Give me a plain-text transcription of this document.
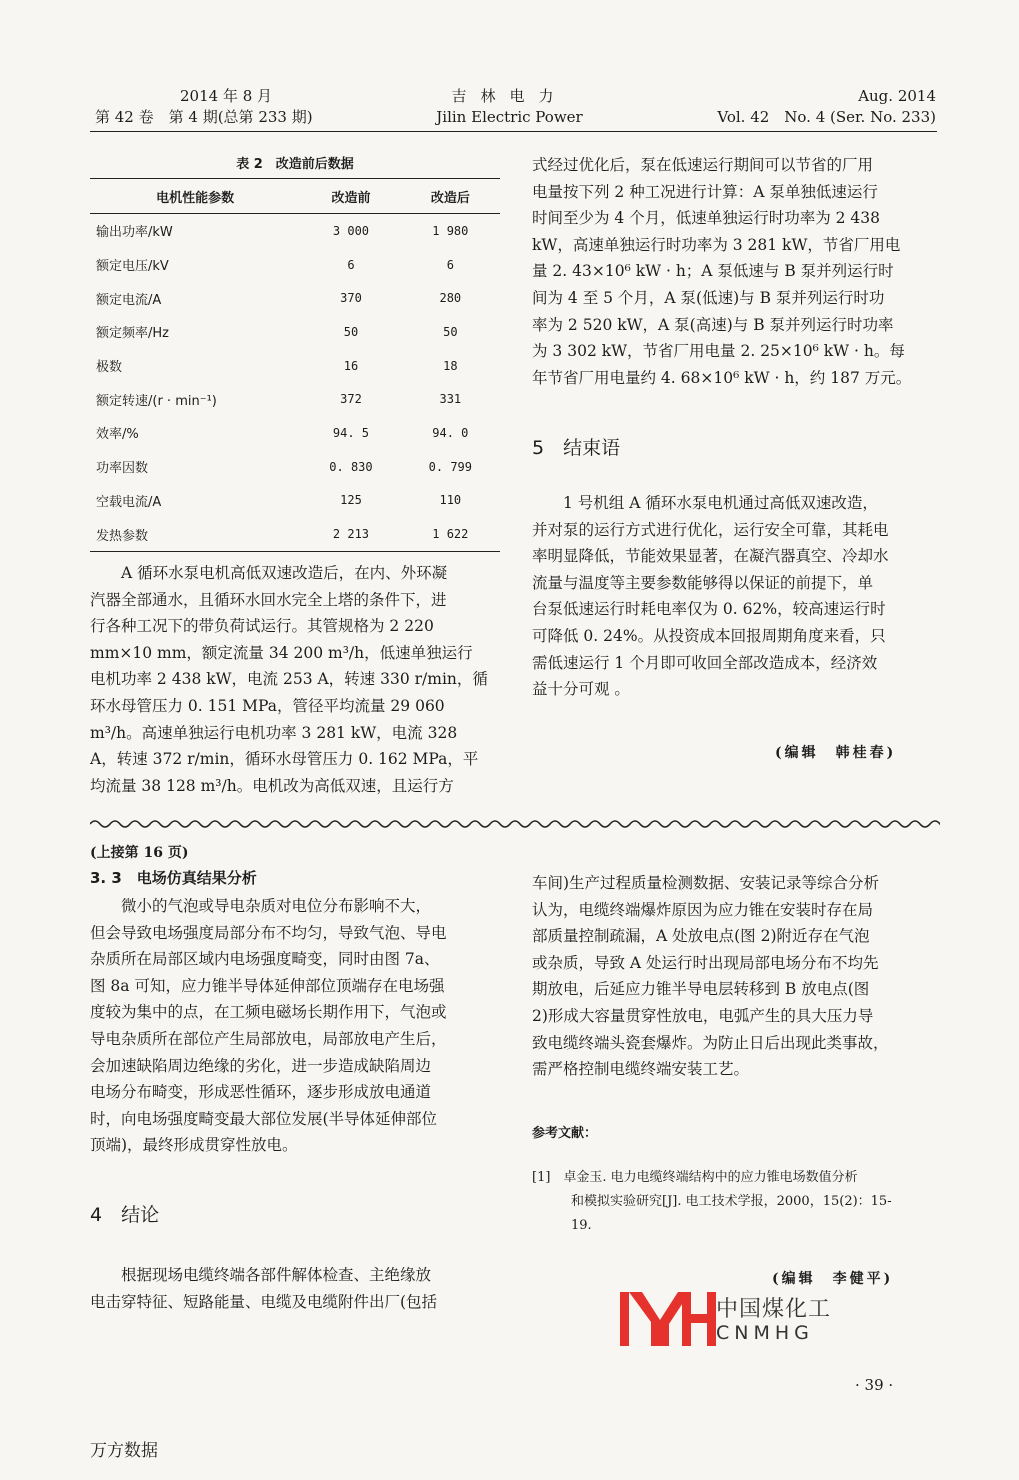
2014 年 8 月
第 42 卷　第 4 期(总第 233 期)
吉林电力
Jilin Electric Power
Aug. 2014
Vol. 42　No. 4 (Ser. No. 233)
表 2　改造前后数据
电机性能参数	改造前	改造后
输出功率/kW	3 000	1 980
额定电压/kV	6	6
额定电流/A	370	280
额定频率/Hz	50	50
极数	16	18
额定转速/(r · min⁻¹)	372	331
效率/%	94. 5	94. 0
功率因数	0. 830	0. 799
空载电流/A	125	110
发热参数	2 213	1 622
　　A 循环水泵电机高低双速改造后，在内、外环凝
汽器全部通水，且循环水回水完全上塔的条件下，进
行各种工况下的带负荷试运行。其管规格为 2 220
mm×10 mm，额定流量 34 200 m³/h，低速单独运行
电机功率 2 438 kW，电流 253 A，转速 330 r/min，循
环水母管压力 0. 151 MPa，管径平均流量 29 060
m³/h。高速单独运行电机功率 3 281 kW，电流 328
A，转速 372 r/min，循环水母管压力 0. 162 MPa，平
均流量 38 128 m³/h。电机改为高低双速，且运行方
式经过优化后，泵在低速运行期间可以节省的厂用
电量按下列 2 种工况进行计算：A 泵单独低速运行
时间至少为 4 个月，低速单独运行时功率为 2 438
kW，高速单独运行时功率为 3 281 kW，节省厂用电
量 2. 43×10⁶ kW · h；A 泵低速与 B 泵并列运行时
间为 4 至 5 个月，A 泵(低速)与 B 泵并列运行时功
率为 2 520 kW，A 泵(高速)与 B 泵并列运行时功率
为 3 302 kW，节省厂用电量 2. 25×10⁶ kW · h。每
年节省厂用电量约 4. 68×10⁶ kW · h，约 187 万元。
5　结束语
　　1 号机组 A 循环水泵电机通过高低双速改造，
并对泵的运行方式进行优化，运行安全可靠，其耗电
率明显降低，节能效果显著，在凝汽器真空、冷却水
流量与温度等主要参数能够得以保证的前提下，单
台泵低速运行时耗电率仅为 0. 62%，较高速运行时
可降低 0. 24%。从投资成本回报周期角度来看，只
需低速运行 1 个月即可收回全部改造成本，经济效
益十分可观 。
(编辑　韩桂春)
(上接第 16 页)
3. 3　电场仿真结果分析
　　微小的气泡或导电杂质对电位分布影响不大，
但会导致电场强度局部分布不均匀，导致气泡、导电
杂质所在局部区域内电场强度畸变，同时由图 7a、
图 8a 可知，应力锥半导体延伸部位顶端存在电场强
度较为集中的点，在工频电磁场长期作用下，气泡或
导电杂质所在部位产生局部放电，局部放电产生后，
会加速缺陷周边绝缘的劣化，进一步造成缺陷周边
电场分布畸变，形成恶性循环，逐步形成放电通道
时，向电场强度畸变最大部位发展(半导体延伸部位
顶端)，最终形成贯穿性放电。
4　结论
　　根据现场电缆终端各部件解体检查、主绝缘放
电击穿特征、短路能量、电缆及电缆附件出厂(包括
车间)生产过程质量检测数据、安装记录等综合分析
认为，电缆终端爆炸原因为应力锥在安装时存在局
部质量控制疏漏，A 处放电点(图 2)附近存在气泡
或杂质，导致 A 处运行时出现局部电场分布不均先
期放电，后延应力锥半导电层转移到 B 放电点(图
2)形成大容量贯穿性放电，电弧产生的具大压力导
致电缆终端头瓷套爆炸。为防止日后出现此类事故，
需严格控制电缆终端安装工艺。
参考文献：
[1]　卓金玉. 电力电缆终端结构中的应力锥电场数值分析
　　　和模拟实验研究[J]. 电工技术学报，2000，15(2)：15-
　　　19.
(编辑　李健平)
中国煤化工
CNMHG
· 39 ·
万方数据
